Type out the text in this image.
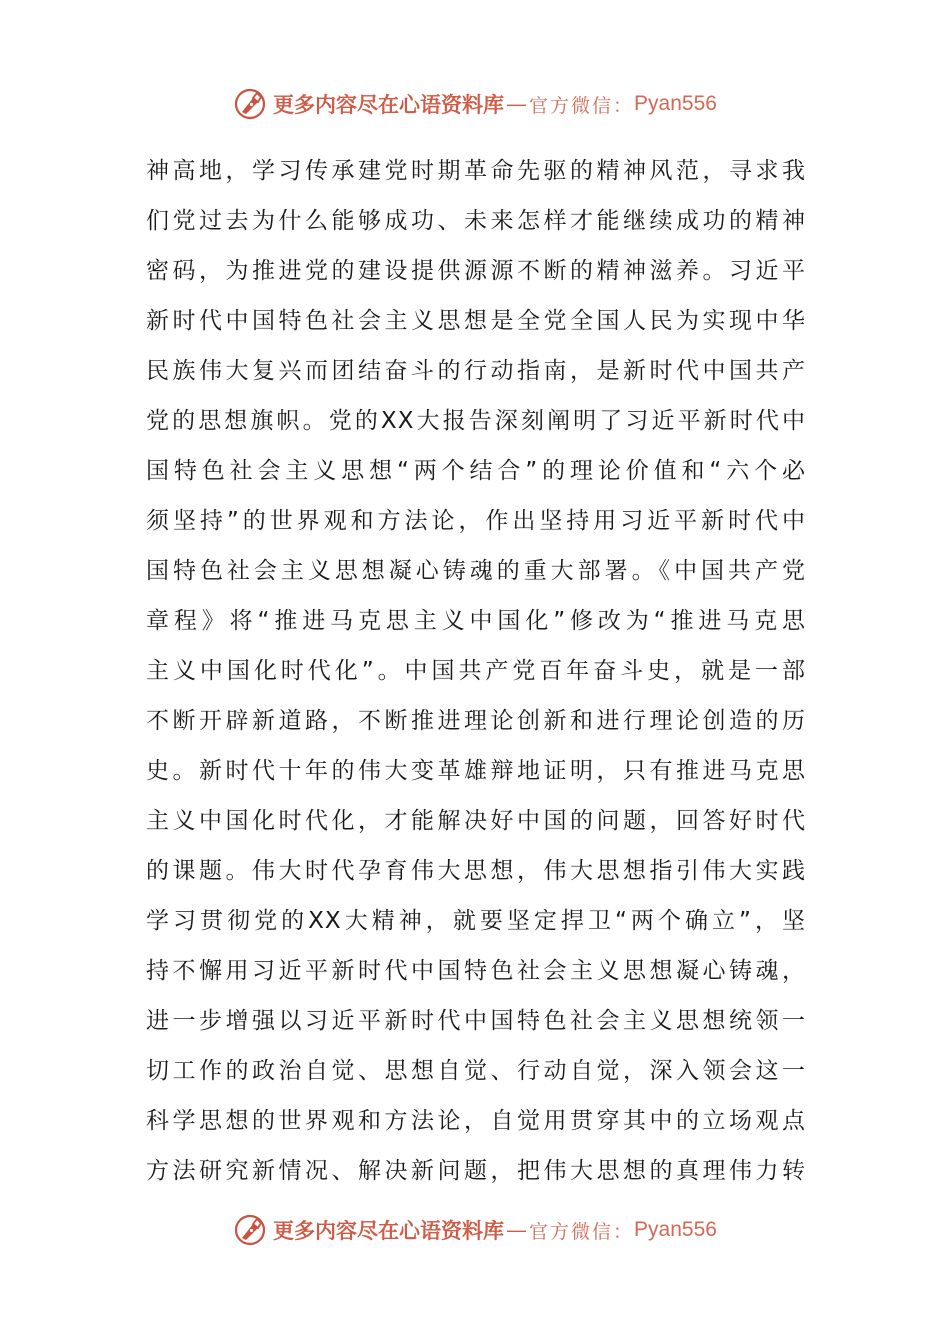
更多内容尽在心语资料库 — 官方微信： Pyan556
神高地，学习传承建党时期革命先驱的精神风范，寻求我
们党过去为什么能够成功、未来怎样才能继续成功的精神
密码，为推进党的建设提供源源不断的精神滋养。习近平
新时代中国特色社会主义思想是全党全国人民为实现中华
民族伟大复兴而团结奋斗的行动指南，是新时代中国共产
党的思想旗帜。党的XX大报告深刻阐明了习近平新时代中
国特色社会主义思想“两个结合”的理论价值和“六个必
须坚持”的世界观和方法论，作出坚持用习近平新时代中
国特色社会主义思想凝心铸魂的重大部署。《中国共产党
章程》将“推进马克思主义中国化”修改为“推进马克思
主义中国化时代化”。中国共产党百年奋斗史，就是一部
不断开辟新道路，不断推进理论创新和进行理论创造的历
史。新时代十年的伟大变革雄辩地证明，只有推进马克思
主义中国化时代化，才能解决好中国的问题，回答好时代
的课题。伟大时代孕育伟大思想，伟大思想指引伟大实践
学习贯彻党的XX大精神，就要坚定捍卫“两个确立”，坚
持不懈用习近平新时代中国特色社会主义思想凝心铸魂，
进一步增强以习近平新时代中国特色社会主义思想统领一
切工作的政治自觉、思想自觉、行动自觉，深入领会这一
科学思想的世界观和方法论，自觉用贯穿其中的立场观点
方法研究新情况、解决新问题，把伟大思想的真理伟力转
更多内容尽在心语资料库 — 官方微信： Pyan556
